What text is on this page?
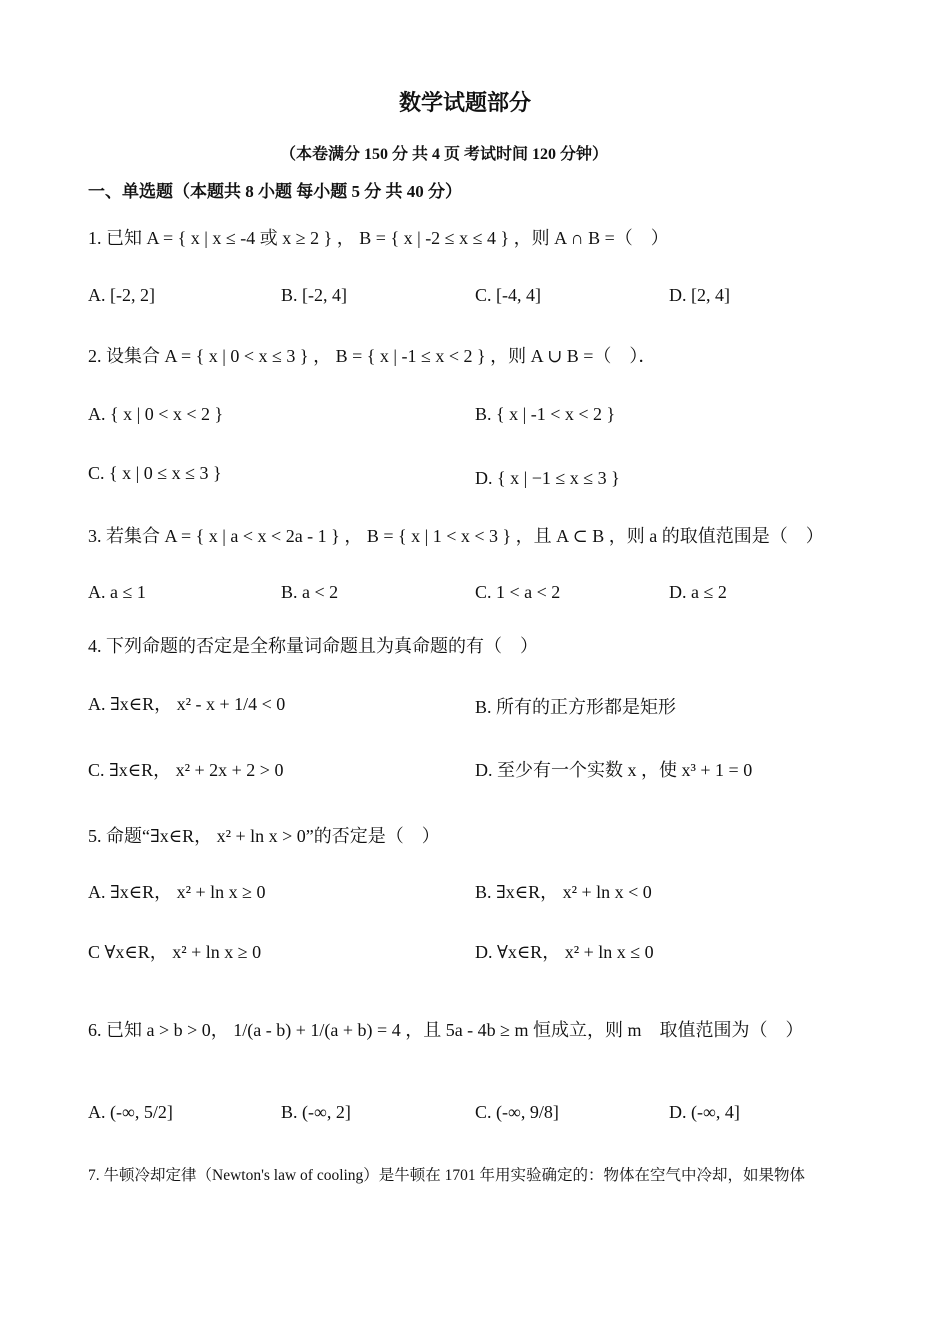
数学试题部分
（本卷满分 150 分 共 4 页 考试时间 120 分钟）
一、单选题（本题共 8 小题 每小题 5 分 共 40 分）
1. 已知 A = { x | x ≤ -4 或 x ≥ 2 } ， B = { x | -2 ≤ x ≤ 4 } ，则 A ∩ B =（　）
A. [-2, 2]	B. [-2, 4]	C. [-4, 4]	D. [2, 4]
2. 设集合 A = { x | 0 < x ≤ 3 } ， B = { x | -1 ≤ x < 2 } ，则 A ∪ B =（　）．
A. { x | 0 < x < 2 }	B. { x | -1 < x < 2 }
C. { x | 0 ≤ x ≤ 3 }	D. { x | −1 ≤ x ≤ 3 }
3. 若集合 A = { x | a < x < 2a - 1 } ， B = { x | 1 < x < 3 } ，且 A ⊂ B ，则 a 的取值范围是（　）
A. a ≤ 1	B. a < 2	C. 1 < a < 2	D. a ≤ 2
4. 下列命题的否定是全称量词命题且为真命题的有（　）
A. ∃x∈R， x² - x + 1/4 < 0	B. 所有的正方形都是矩形
C. ∃x∈R， x² + 2x + 2 > 0	D. 至少有一个实数 x ，使 x³ + 1 = 0
5. 命题“∃x∈R， x² + ln x > 0”的否定是（　）
A. ∃x∈R， x² + ln x ≥ 0	B. ∃x∈R， x² + ln x < 0
C ∀x∈R， x² + ln x ≥ 0	D. ∀x∈R， x² + ln x ≤ 0
6. 已知 a > b > 0， 1/(a - b) + 1/(a + b) = 4 ，且 5a - 4b ≥ m 恒成立，则 m　取值范围为（　）
A. (-∞, 5/2]	B. (-∞, 2]	C. (-∞, 9/8]	D. (-∞, 4]
7. 牛顿冷却定律（Newton's law of cooling）是牛顿在 1701 年用实验确定的：物体在空气中冷却，如果物体
